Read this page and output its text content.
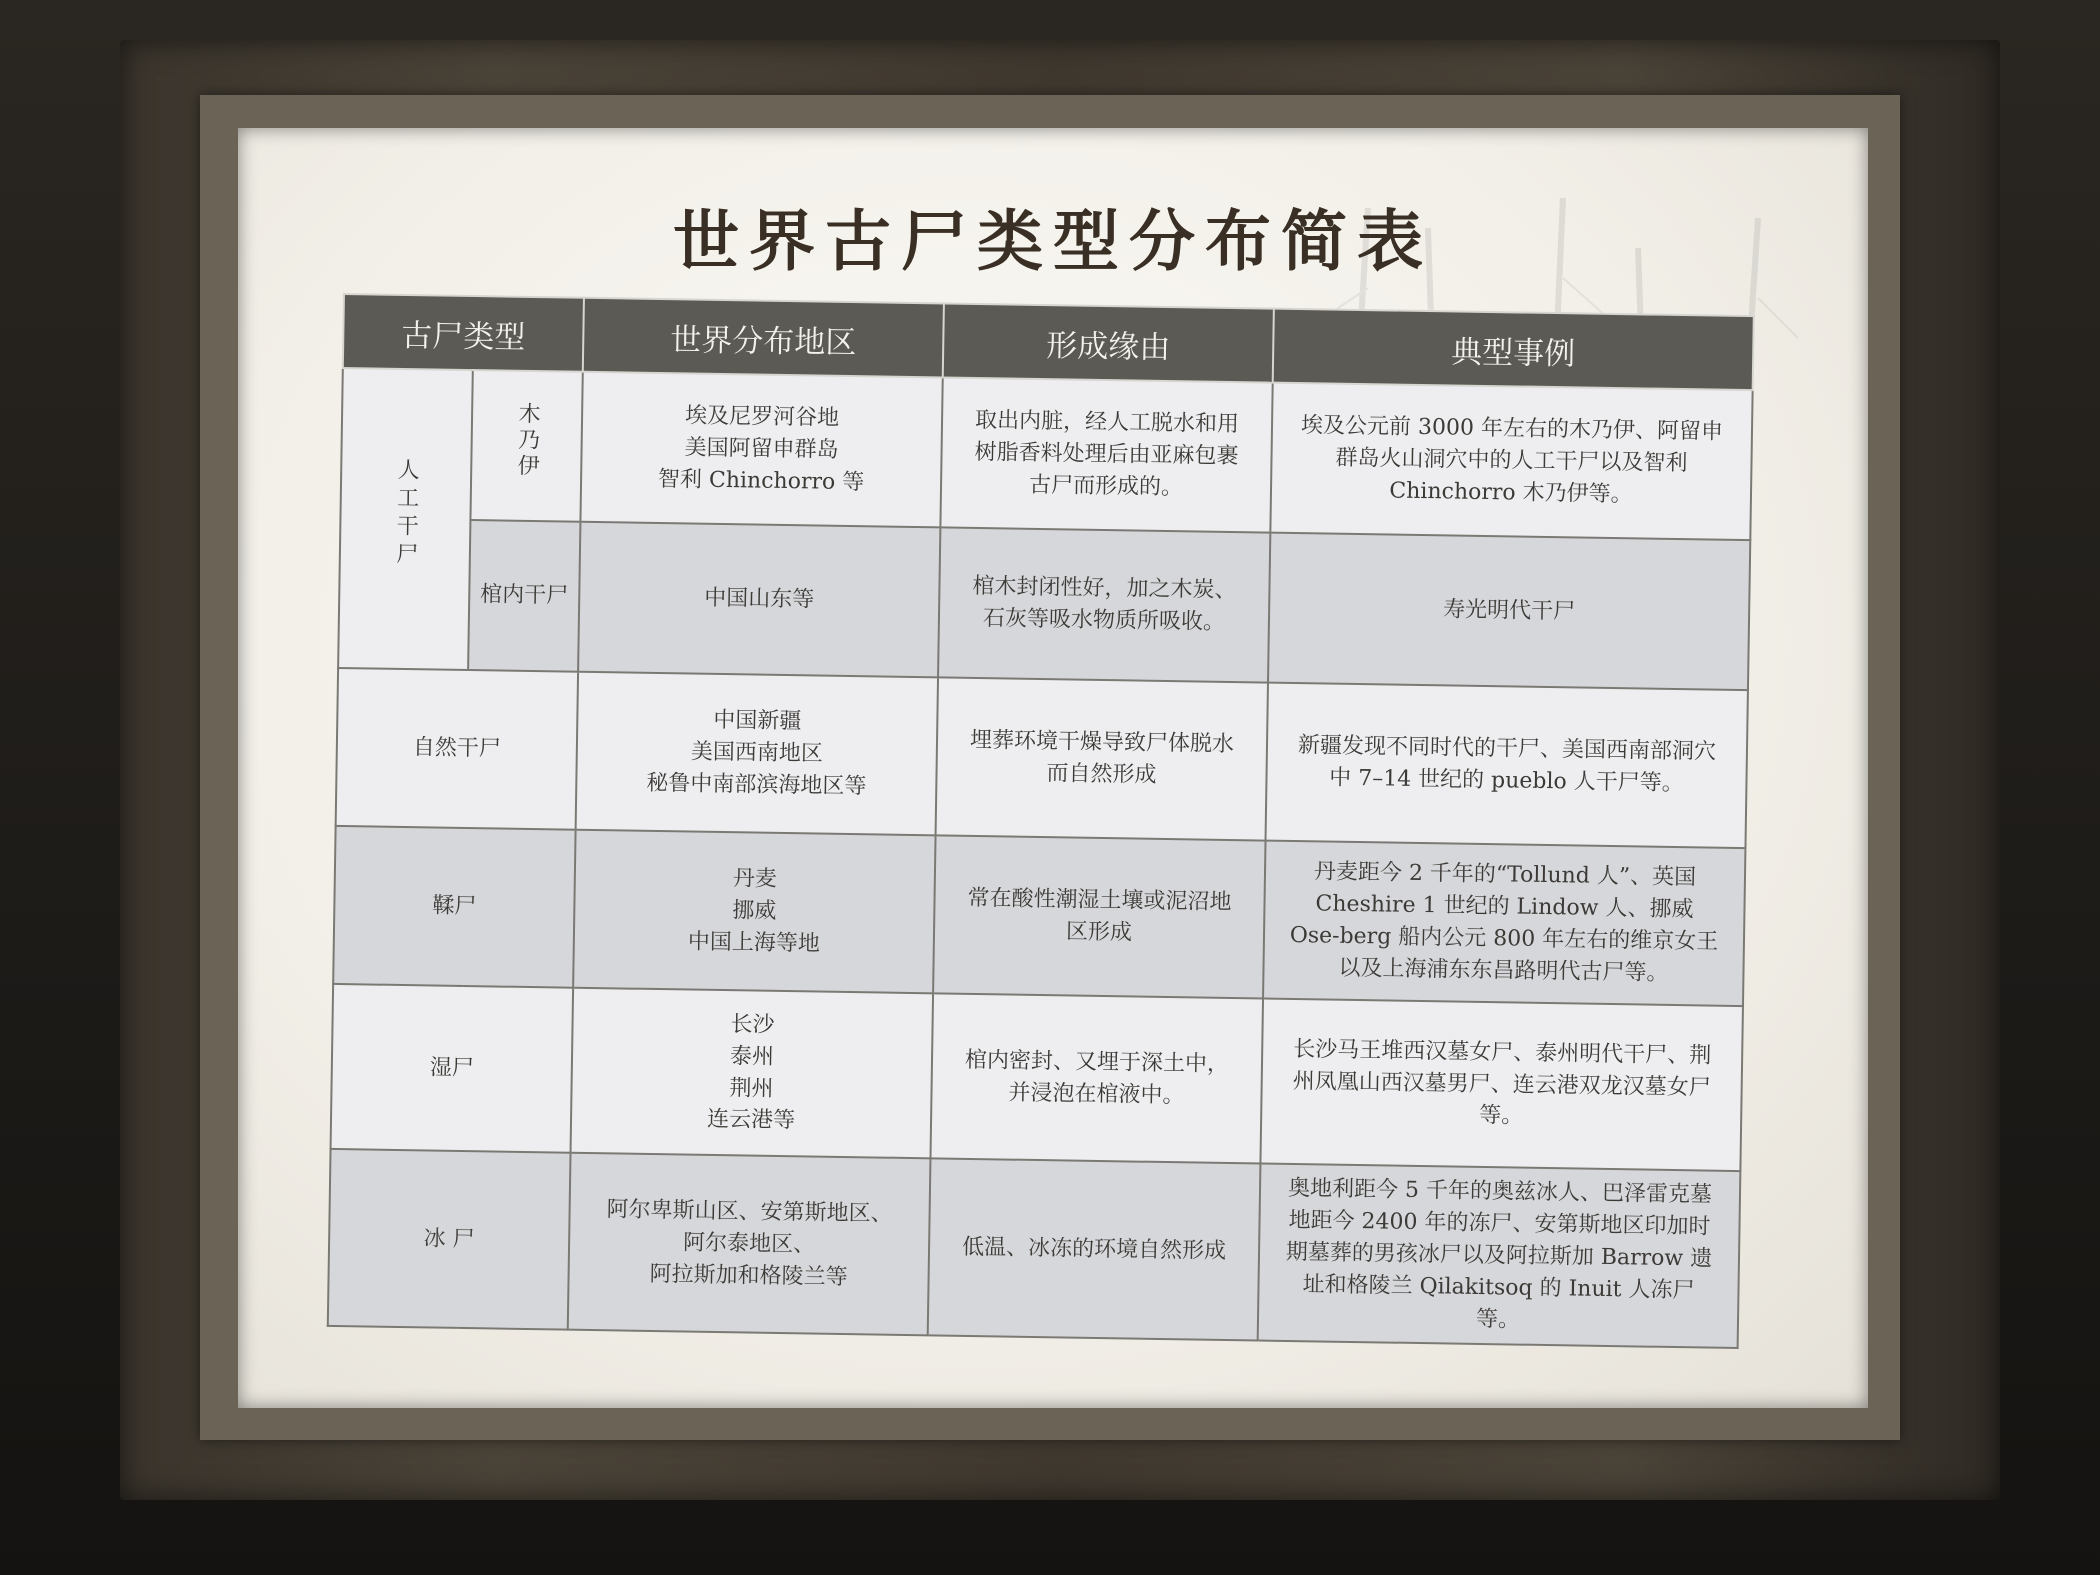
世界古尸类型分布简表
古尸类型		世界分布地区	形成缘由	典型事例
人工干尸	木乃伊	埃及尼罗河谷地
美国阿留申群岛
智利 Chinchorro 等	取出内脏，经人工脱水和用树脂香料处理后由亚麻包裹古尸而形成的。	埃及公元前 3000 年左右的木乃伊、阿留申群岛火山洞穴中的人工干尸以及智利 Chinchorro 木乃伊等。
	棺内干尸	中国山东等	棺木封闭性好，加之木炭、石灰等吸水物质所吸收。	寿光明代干尸
自然干尸		中国新疆
美国西南地区
秘鲁中南部滨海地区等	埋葬环境干燥导致尸体脱水而自然形成	新疆发现不同时代的干尸、美国西南部洞穴中 7–14 世纪的 pueblo 人干尸等。
鞣尸		丹麦
挪威
中国上海等地	常在酸性潮湿土壤或泥沼地区形成	丹麦距今 2 千年的“Tollund 人”、英国 Cheshire 1 世纪的 Lindow 人、挪威 Ose-berg 船内公元 800 年左右的维京女王以及上海浦东东昌路明代古尸等。
湿尸		长沙
泰州
荆州
连云港等	棺内密封、又埋于深土中，并浸泡在棺液中。	长沙马王堆西汉墓女尸、泰州明代干尸、荆州凤凰山西汉墓男尸、连云港双龙汉墓女尸等。
冰 尸		阿尔卑斯山区、安第斯地区、
阿尔泰地区、
阿拉斯加和格陵兰等	低温、冰冻的环境自然形成	奥地利距今 5 千年的奥兹冰人、巴泽雷克墓地距今 2400 年的冻尸、安第斯地区印加时期墓葬的男孩冰尸以及阿拉斯加 Barrow 遗址和格陵兰 Qilakitsoq 的 Inuit 人冻尸等。
